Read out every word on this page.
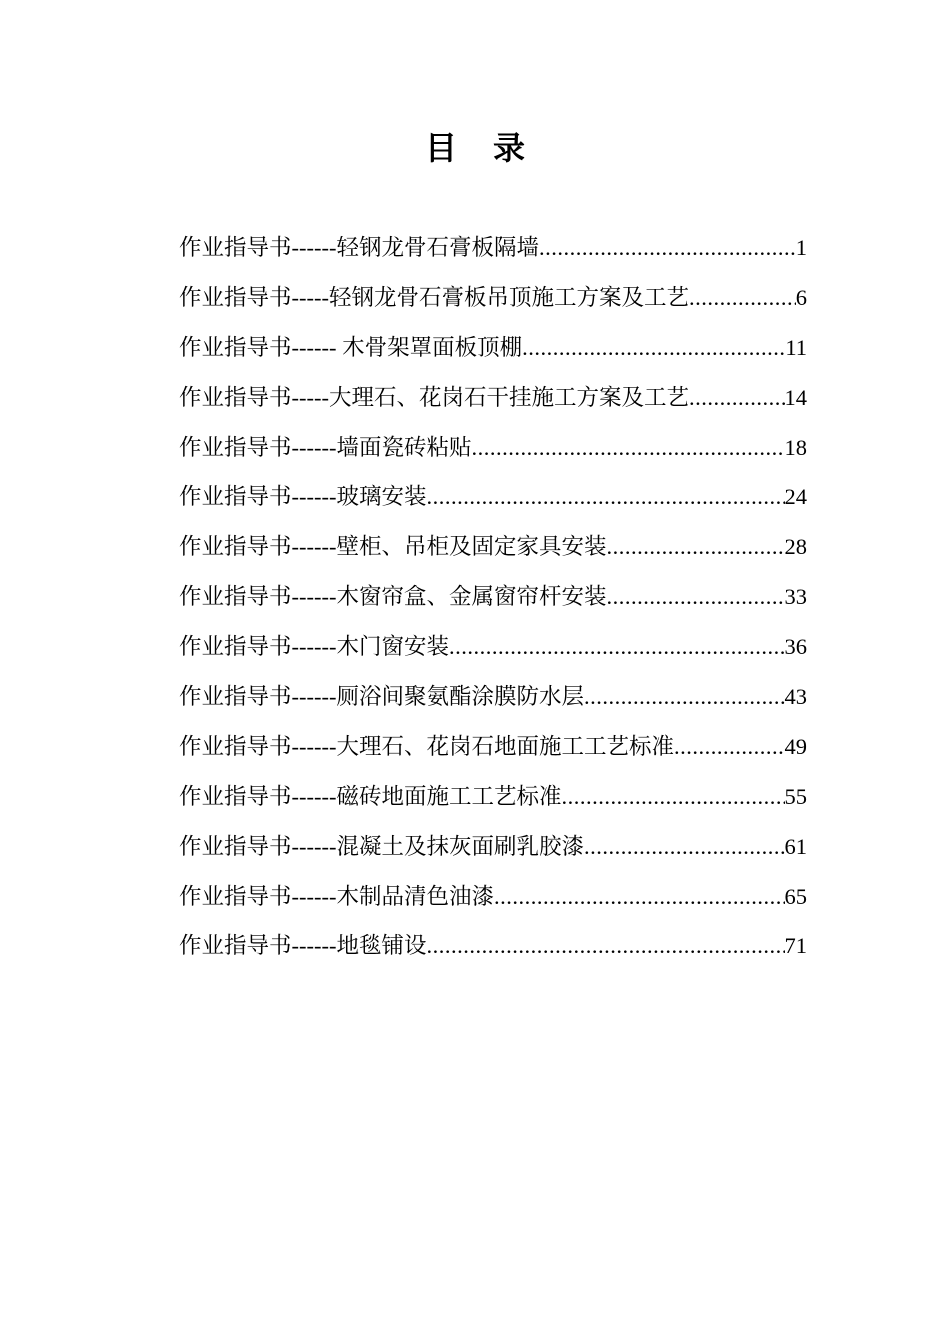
目 录
作业指导书------轻钢龙骨石膏板隔墙 .....	1
作业指导书-----轻钢龙骨石膏板吊顶施工方案及工艺 .....	6
作业指导书------ 木骨架罩面板顶棚 .....	11
作业指导书-----大理石、花岗石干挂施工方案及工艺 .....	14
作业指导书------墙面瓷砖粘贴 .....	18
作业指导书------玻璃安装 .....	24
作业指导书------壁柜、吊柜及固定家具安装 .....	28
作业指导书------木窗帘盒、金属窗帘杆安装 .....	33
作业指导书------木门窗安装 .....	36
作业指导书------厕浴间聚氨酯涂膜防水层 .....	43
作业指导书------大理石、花岗石地面施工工艺标准 .....	49
作业指导书------磁砖地面施工工艺标准 .....	55
作业指导书------混凝土及抹灰面刷乳胶漆 .....	61
作业指导书------木制品清色油漆 .....	65
作业指导书------地毯铺设 .....	71
